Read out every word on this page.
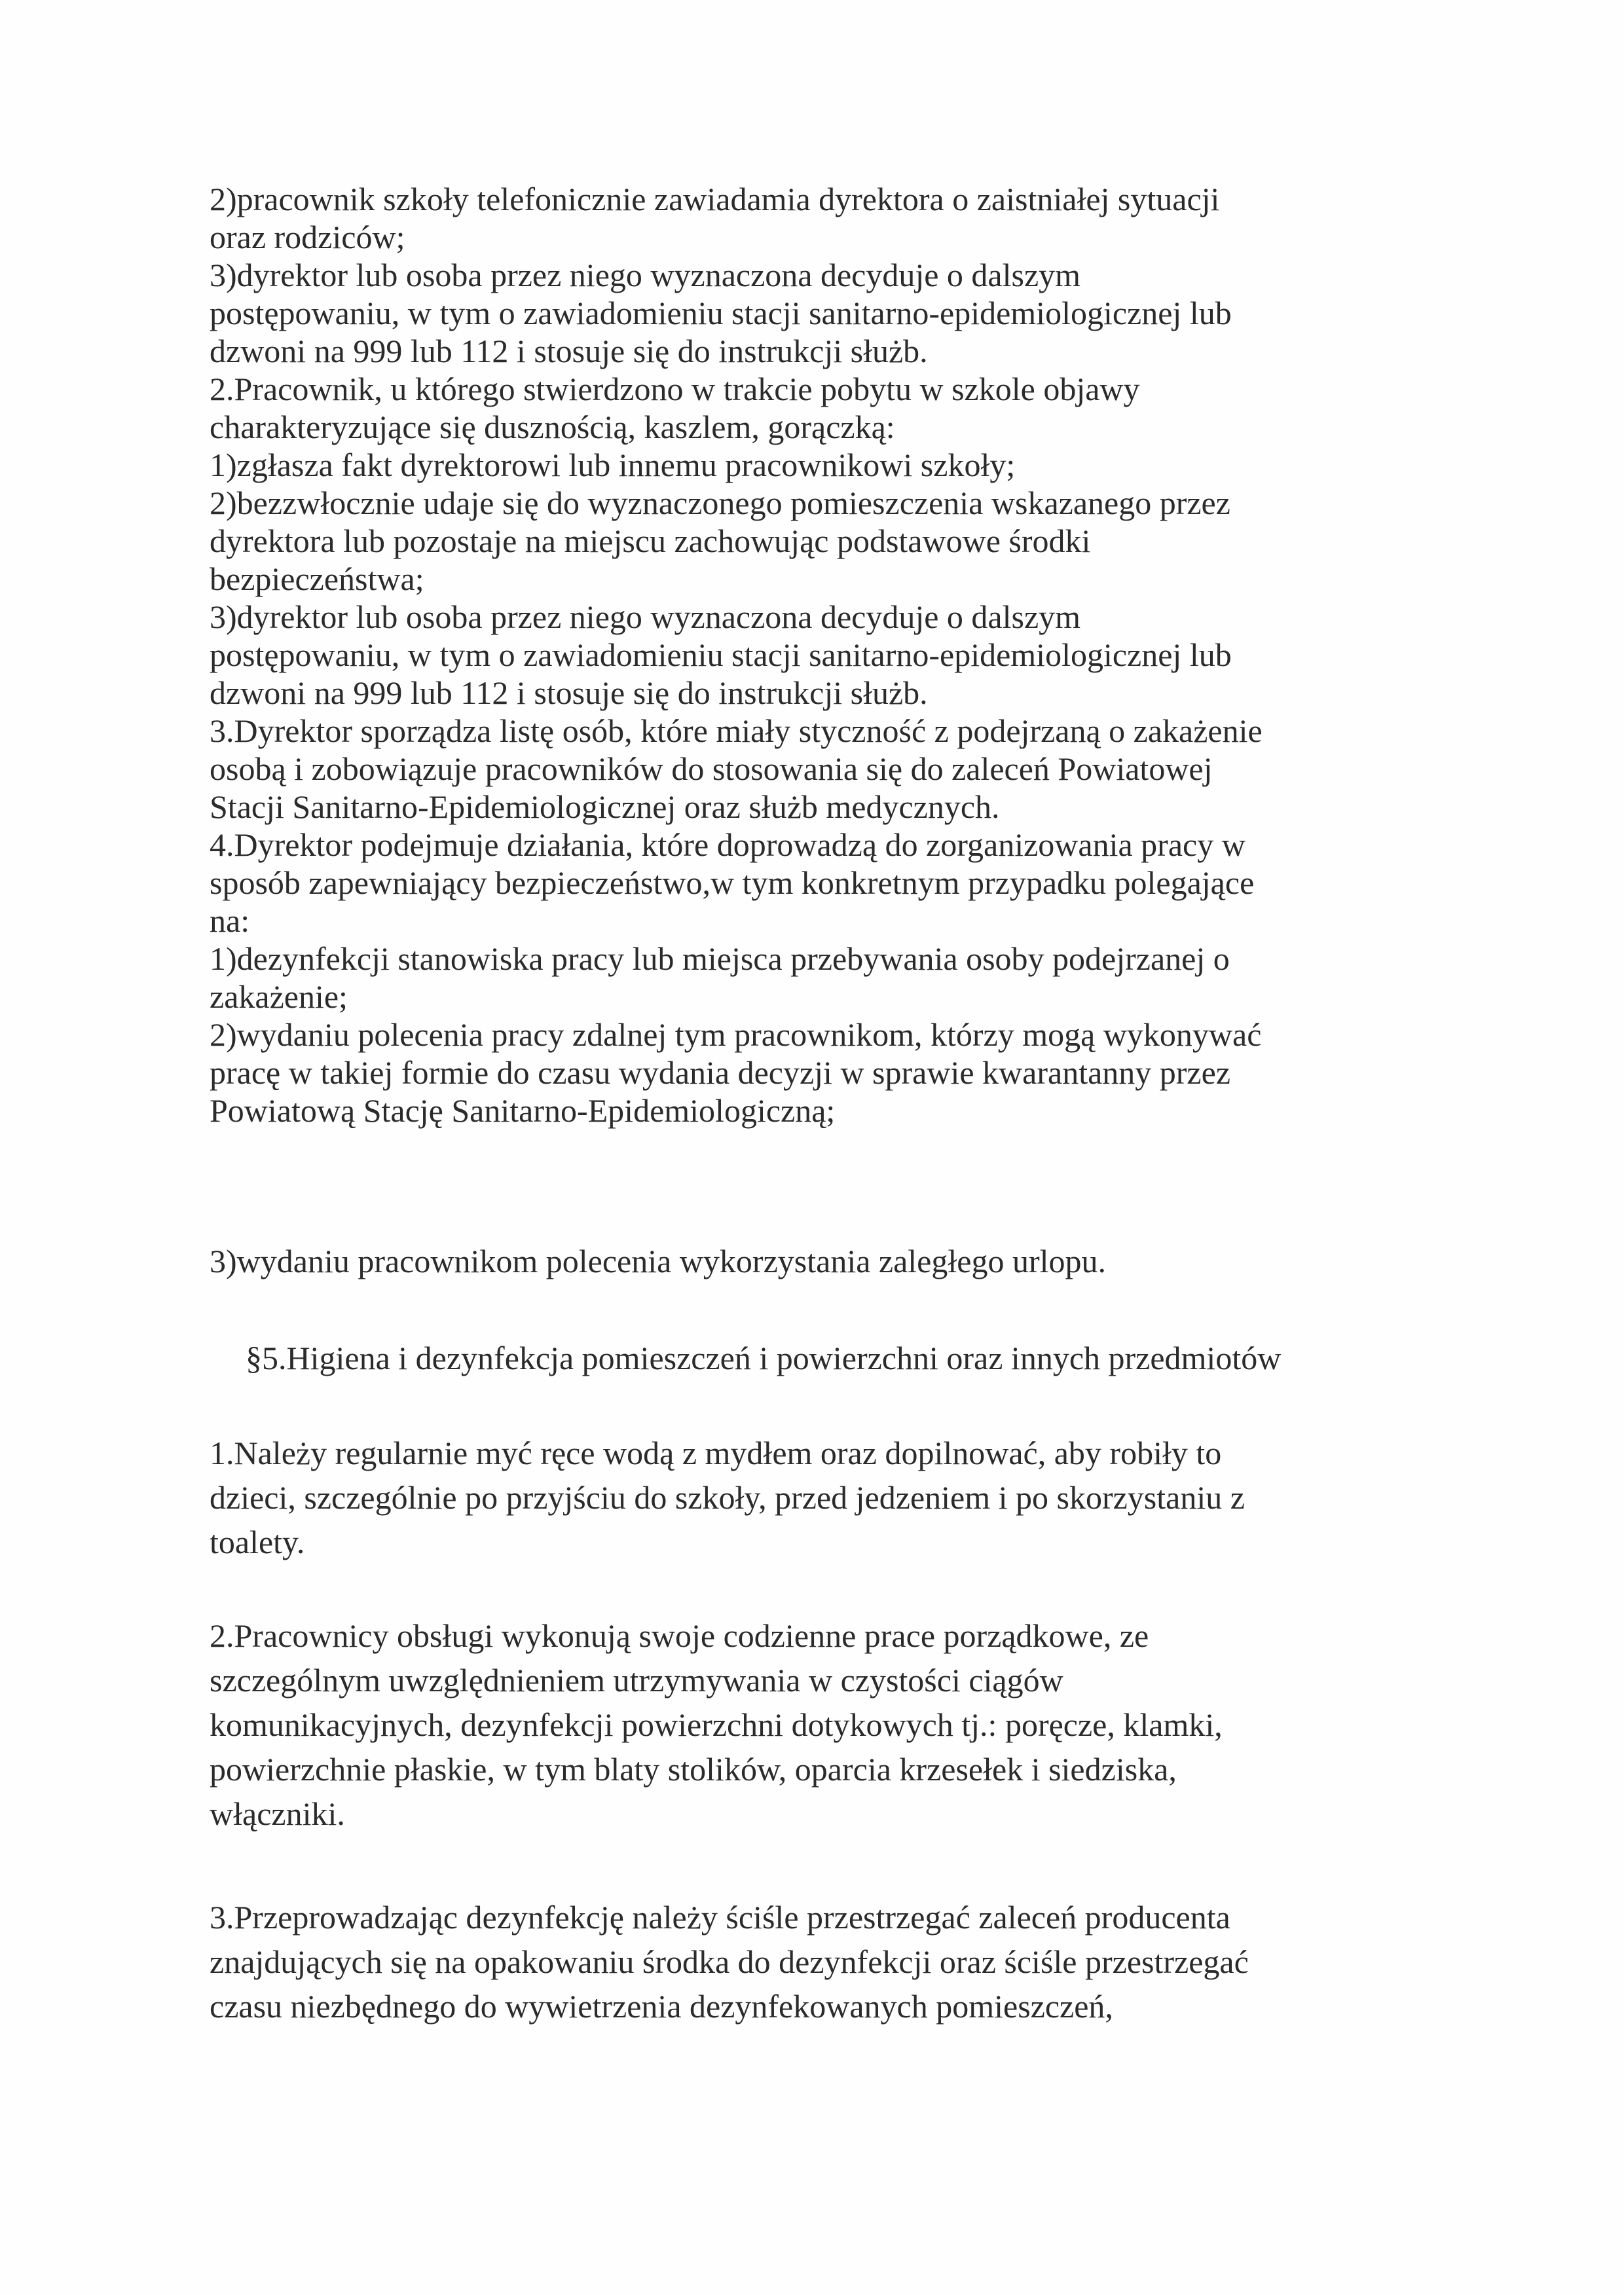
2)pracownik szkoły telefonicznie zawiadamia dyrektora o zaistniałej sytuacji
oraz rodziców;
3)dyrektor lub osoba przez niego wyznaczona decyduje o dalszym
postępowaniu, w tym o zawiadomieniu stacji sanitarno-epidemiologicznej lub
dzwoni na 999 lub 112 i stosuje się do instrukcji służb.
2.Pracownik, u którego stwierdzono w trakcie pobytu w szkole objawy
charakteryzujące się dusznością, kaszlem, gorączką:
1)zgłasza fakt dyrektorowi lub innemu pracownikowi szkoły;
2)bezzwłocznie udaje się do wyznaczonego pomieszczenia wskazanego przez
dyrektora lub pozostaje na miejscu zachowując podstawowe środki
bezpieczeństwa;
3)dyrektor lub osoba przez niego wyznaczona decyduje o dalszym
postępowaniu, w tym o zawiadomieniu stacji sanitarno-epidemiologicznej lub
dzwoni na 999 lub 112 i stosuje się do instrukcji służb.
3.Dyrektor sporządza listę osób, które miały styczność z podejrzaną o zakażenie
osobą i zobowiązuje pracowników do stosowania się do zaleceń Powiatowej
Stacji Sanitarno-Epidemiologicznej oraz służb medycznych.
4.Dyrektor podejmuje działania, które doprowadzą do zorganizowania pracy w
sposób zapewniający bezpieczeństwo,w tym konkretnym przypadku polegające
na:
1)dezynfekcji stanowiska pracy lub miejsca przebywania osoby podejrzanej o
zakażenie;
2)wydaniu polecenia pracy zdalnej tym pracownikom, którzy mogą wykonywać
pracę w takiej formie do czasu wydania decyzji w sprawie kwarantanny przez
Powiatową Stację Sanitarno-Epidemiologiczną;
3)wydaniu pracownikom polecenia wykorzystania zaległego urlopu.
§5.Higiena i dezynfekcja pomieszczeń i powierzchni oraz innych przedmiotów
1.Należy regularnie myć ręce wodą z mydłem oraz dopilnować, aby robiły to
dzieci, szczególnie po przyjściu do szkoły, przed jedzeniem i po skorzystaniu z
toalety.
2.Pracownicy obsługi wykonują swoje codzienne prace porządkowe, ze
szczególnym uwzględnieniem utrzymywania w czystości ciągów
komunikacyjnych, dezynfekcji powierzchni dotykowych tj.: poręcze, klamki,
powierzchnie płaskie, w tym blaty stolików, oparcia krzesełek i siedziska,
włączniki.
3.Przeprowadzając dezynfekcję należy ściśle przestrzegać zaleceń producenta
znajdujących się na opakowaniu środka do dezynfekcji oraz ściśle przestrzegać
czasu niezbędnego do wywietrzenia dezynfekowanych pomieszczeń,
